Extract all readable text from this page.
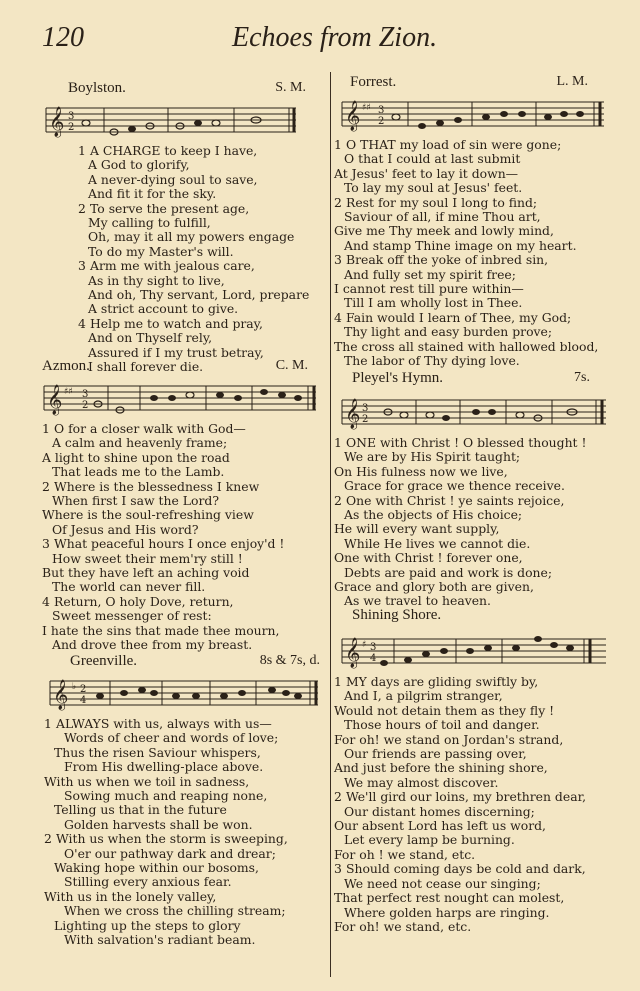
120	Echoes from Zion.
Boylston.	S. M.
𝄞 3
2
1 A CHARGE to keep I have,
A God to glorify,
A never-dying soul to save,
And fit it for the sky.
2 To serve the present age,
My calling to fulfill,
Oh, may it all my powers engage
To do my Master's will.
3 Arm me with jealous care,
As in thy sight to live,
And oh, Thy servant, Lord, prepare
A strict account to give.
4 Help me to watch and pray,
And on Thyself rely,
Assured if I my trust betray,
I shall forever die.
Azmon.	C. M.
𝄞 ♯♯ 3
2
1 O for a closer walk with God—
A calm and heavenly frame;
A light to shine upon the road
That leads me to the Lamb.
2 Where is the blessedness I knew
When first I saw the Lord?
Where is the soul-refreshing view
Of Jesus and His word?
3 What peaceful hours I once enjoy'd !
How sweet their mem'ry still !
But they have left an aching void
The world can never fill.
4 Return, O holy Dove, return,
Sweet messenger of rest:
I hate the sins that made thee mourn,
And drove thee from my breast.
Greenville.	8s & 7s, d.
𝄞 ♭ 2
4
1 ALWAYS with us, always with us—
Words of cheer and words of love;
Thus the risen Saviour whispers,
From His dwelling-place above.
With us when we toil in sadness,
Sowing much and reaping none,
Telling us that in the future
Golden harvests shall be won.
2 With us when the storm is sweeping,
O'er our pathway dark and drear;
Waking hope within our bosoms,
Stilling every anxious fear.
With us in the lonely valley,
When we cross the chilling stream;
Lighting up the steps to glory
With salvation's radiant beam.
Forrest.	L. M.
𝄞 ♯♯ 3
2
1 O THAT my load of sin were gone;
O that I could at last submit
At Jesus' feet to lay it down—
To lay my soul at Jesus' feet.
2 Rest for my soul I long to find;
Saviour of all, if mine Thou art,
Give me Thy meek and lowly mind,
And stamp Thine image on my heart.
3 Break off the yoke of inbred sin,
And fully set my spirit free;
I cannot rest till pure within—
Till I am wholly lost in Thee.
4 Fain would I learn of Thee, my God;
Thy light and easy burden prove;
The cross all stained with hallowed blood,
The labor of Thy dying love.
Pleyel's Hymn.	7s.
𝄞 3
2
1 ONE with Christ ! O blessed thought !
We are by His Spirit taught;
On His fulness now we live,
Grace for grace we thence receive.
2 One with Christ ! ye saints rejoice,
As the objects of His choice;
He will every want supply,
While He lives we cannot die.
One with Christ ! forever one,
Debts are paid and work is done;
Grace and glory both are given,
As we travel to heaven.
Shining Shore.
𝄞 ♯ 3
4
1 MY days are gliding swiftly by,
And I, a pilgrim stranger,
Would not detain them as they fly !
Those hours of toil and danger.
For oh! we stand on Jordan's strand,
Our friends are passing over,
And just before the shining shore,
We may almost discover.
2 We'll gird our loins, my brethren dear,
Our distant homes discerning;
Our absent Lord has left us word,
Let every lamp be burning.
For oh ! we stand, etc.
3 Should coming days be cold and dark,
We need not cease our singing;
That perfect rest nought can molest,
Where golden harps are ringing.
For oh! we stand, etc.
